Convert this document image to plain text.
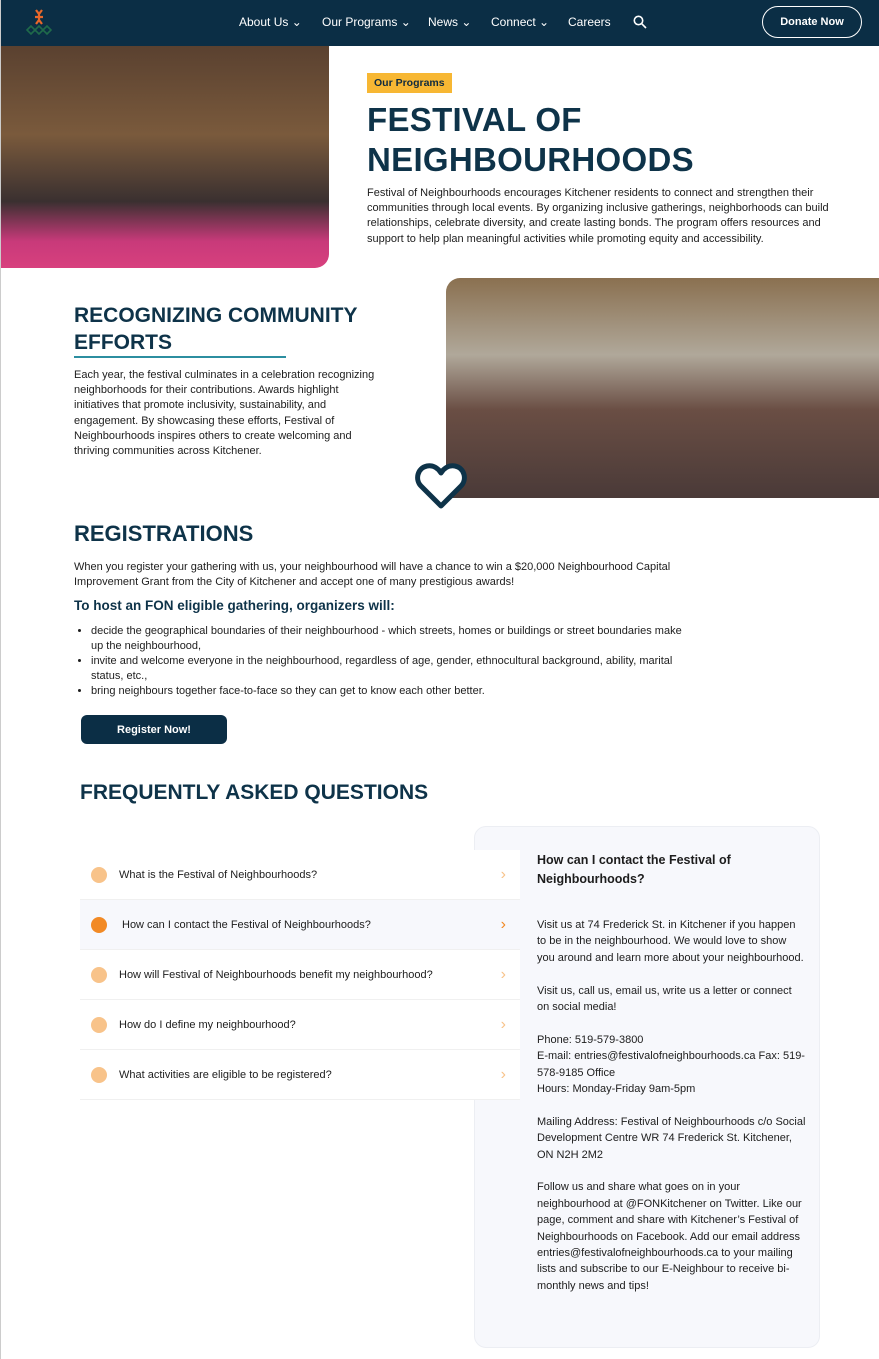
About Us ⌄ Our Programs ⌄ News ⌄ Connect ⌄ Careers	Donate Now
Our Programs
FESTIVAL OF NEIGHBOURHOODS

Festival of Neighbourhoods encourages Kitchener residents to connect and strengthen their communities through local events. By organizing inclusive gatherings, neighborhoods can build relationships, celebrate diversity, and create lasting bonds. The program offers resources and support to help plan meaningful activities while promoting equity and accessibility.

RECOGNIZING COMMUNITY EFFORTS

Each year, the festival culminates in a celebration recognizing neighborhoods for their contributions. Awards highlight initiatives that promote inclusivity, sustainability, and engagement. By showcasing these efforts, Festival of Neighbourhoods inspires others to create welcoming and thriving communities across Kitchener.

REGISTRATIONS

When you register your gathering with us, your neighbourhood will have a chance to win a $20,000 Neighbourhood Capital Improvement Grant from the City of Kitchener and accept one of many prestigious awards!

To host an FON eligible gathering, organizers will:
• decide the geographical boundaries of their neighbourhood - which streets, homes or buildings or street boundaries make up the neighbourhood,
• invite and welcome everyone in the neighbourhood, regardless of age, gender, ethnocultural background, ability, marital status, etc.,
• bring neighbours together face-to-face so they can get to know each other better.
Register Now!
FREQUENTLY ASKED QUESTIONS
How can I contact the Festival of Neighbourhoods?

Visit us at 74 Frederick St. in Kitchener if you happen to be in the neighbourhood. We would love to show you around and learn more about your neighbourhood.

Visit us, call us, email us, write us a letter or connect on social media!

Phone: 519-579-3800
E-mail: entries@festivalofneighbourhoods.ca Fax: 519-578-9185 Office
Hours: Monday-Friday 9am-5pm

Mailing Address: Festival of Neighbourhoods c/o Social Development Centre WR 74 Frederick St. Kitchener, ON N2H 2M2

Follow us and share what goes on in your neighbourhood at @FONKitchener on Twitter. Like our page, comment and share with Kitchener’s Festival of Neighbourhoods on Facebook. Add our email address entries@festivalofneighbourhoods.ca to your mailing lists and subscribe to our E-Neighbour to receive bi-monthly news and tips!

What is the Festival of Neighbourhoods?	›
How can I contact the Festival of Neighbourhoods?	›
How will Festival of Neighbourhoods benefit my neighbourhood?	›
How do I define my neighbourhood?	›
What activities are eligible to be registered?	›
